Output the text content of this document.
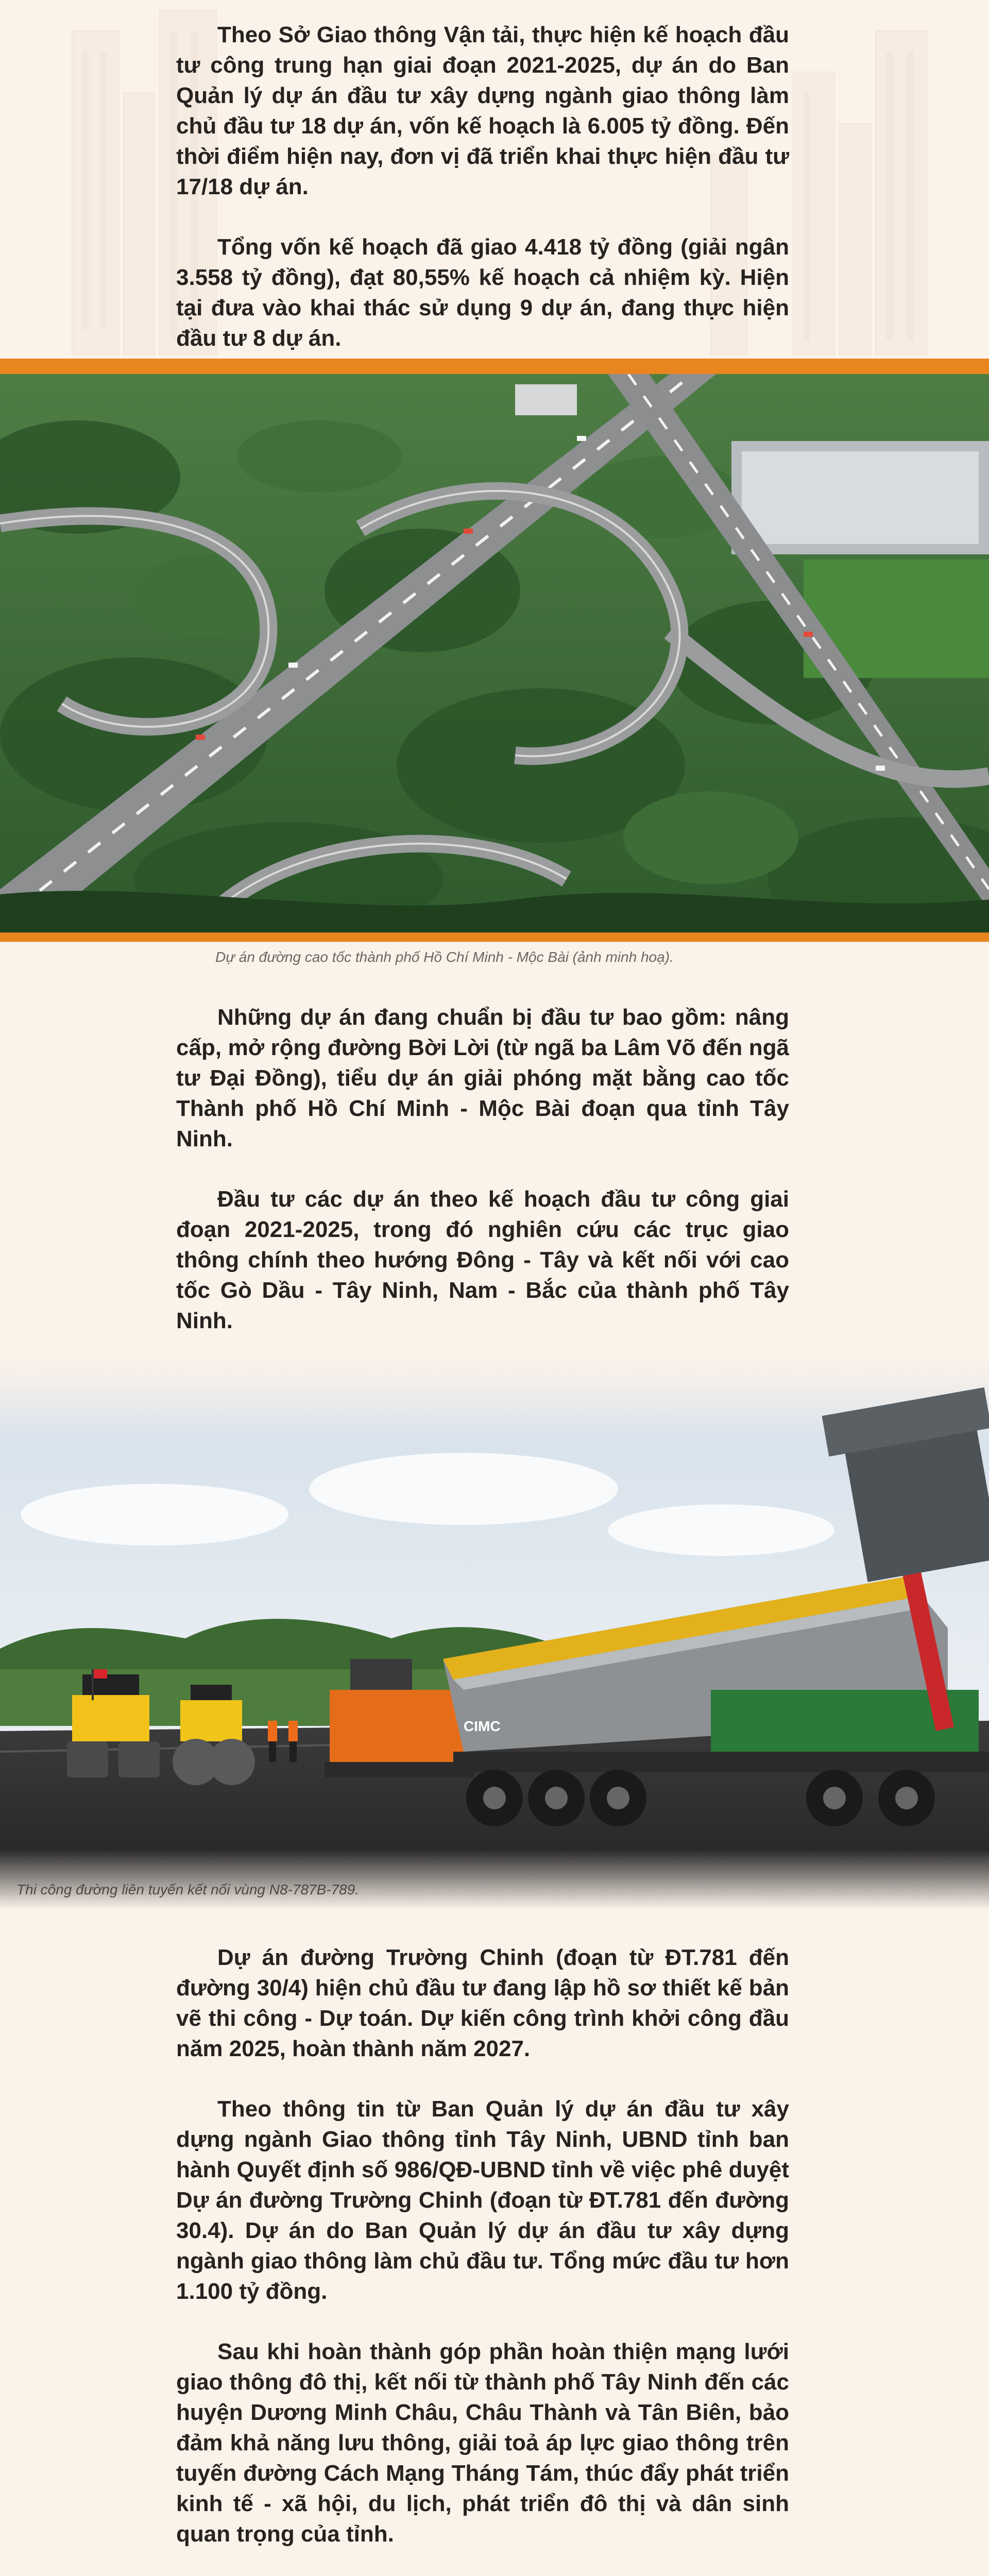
Theo Sở Giao thông Vận tải, thực hiện kế hoạch đầu tư công trung hạn giai đoạn 2021-2025, dự án do Ban Quản lý dự án đầu tư xây dựng ngành giao thông làm chủ đầu tư 18 dự án, vốn kế hoạch là 6.005 tỷ đồng. Đến thời điểm hiện nay, đơn vị đã triển khai thực hiện đầu tư 17/18 dự án.

Tổng vốn kế hoạch đã giao 4.418 tỷ đồng (giải ngân 3.558 tỷ đồng), đạt 80,55% kế hoạch cả nhiệm kỳ. Hiện tại đưa vào khai thác sử dụng 9 dự án, đang thực hiện đầu tư 8 dự án.

Dự án đường cao tốc thành phố Hồ Chí Minh - Mộc Bài (ảnh minh hoạ).

Những dự án đang chuẩn bị đầu tư bao gồm: nâng cấp, mở rộng đường Bời Lời (từ ngã ba Lâm Võ đến ngã tư Đại Đồng), tiểu dự án giải phóng mặt bằng cao tốc Thành phố Hồ Chí Minh - Mộc Bài đoạn qua tỉnh Tây Ninh.

Đầu tư các dự án theo kế hoạch đầu tư công giai đoạn 2021-2025, trong đó nghiên cứu các trục giao thông chính theo hướng Đông - Tây và kết nối với cao tốc Gò Dầu - Tây Ninh, Nam - Bắc của thành phố Tây Ninh.

CIMC
Thi công đường liên tuyến kết nối vùng N8-787B-789.

Dự án đường Trường Chinh (đoạn từ ĐT.781 đến đường 30/4) hiện chủ đầu tư đang lập hồ sơ thiết kế bản vẽ thi công - Dự toán. Dự kiến công trình khởi công đầu năm 2025, hoàn thành năm 2027.

Theo thông tin từ Ban Quản lý dự án đầu tư xây dựng ngành Giao thông tỉnh Tây Ninh, UBND tỉnh ban hành Quyết định số 986/QĐ-UBND tỉnh về việc phê duyệt Dự án đường Trường Chinh (đoạn từ ĐT.781 đến đường 30.4). Dự án do Ban Quản lý dự án đầu tư xây dựng ngành giao thông làm chủ đầu tư. Tổng mức đầu tư hơn 1.100 tỷ đồng.

Sau khi hoàn thành góp phần hoàn thiện mạng lưới giao thông đô thị, kết nối từ thành phố Tây Ninh đến các huyện Dương Minh Châu, Châu Thành và Tân Biên, bảo đảm khả năng lưu thông, giải toả áp lực giao thông trên tuyến đường Cách Mạng Tháng Tám, thúc đẩy phát triển kinh tế - xã hội, du lịch, phát triển đô thị và dân sinh quan trọng của tỉnh.
